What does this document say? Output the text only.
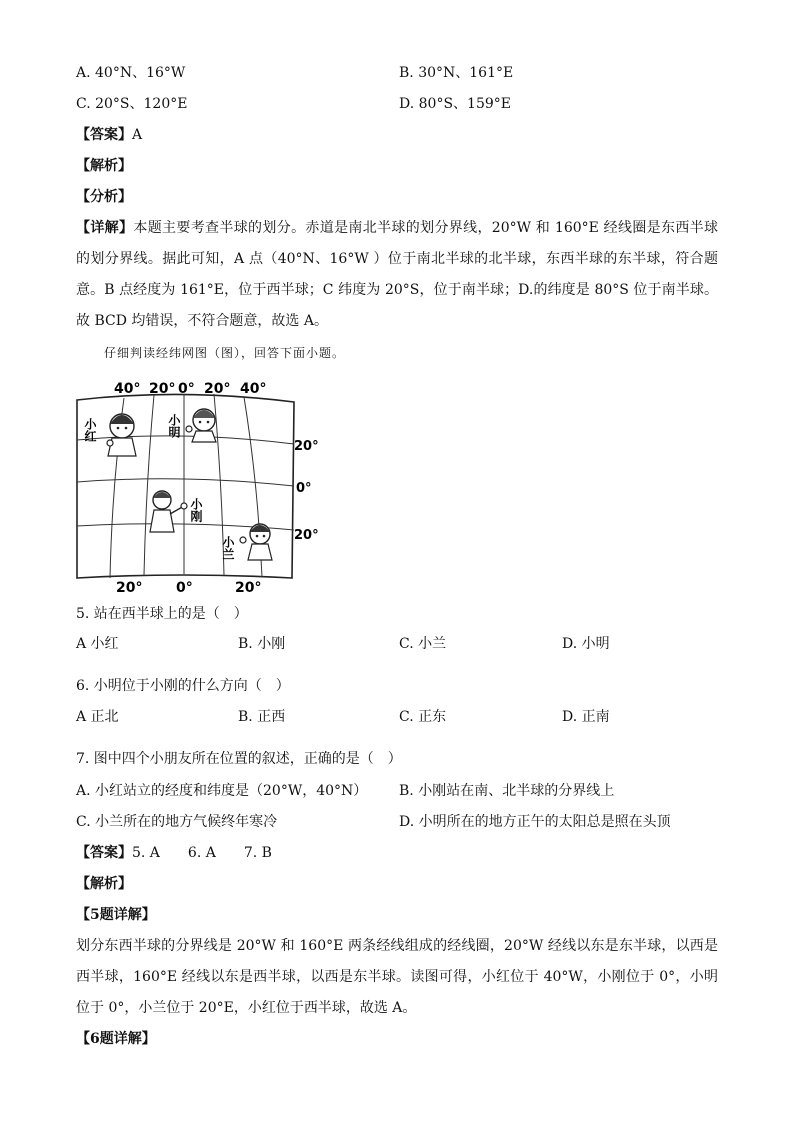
A. 40°N、16°W	B. 30°N、161°E
C. 20°S、120°E	D. 80°S、159°E
【答案】A
【解析】
【分析】
【详解】本题主要考查半球的划分。赤道是南北半球的划分界线，20°W 和 160°E 经线圈是东西半球的划分界线。据此可知，A 点（40°N、16°W ）位于南北半球的北半球，东西半球的东半球，符合题意。B 点经度为 161°E，位于西半球；C 纬度为 20°S，位于南半球；D.的纬度是 80°S 位于南半球。故 BCD 均错误，不符合题意，故选 A。
仔细判读经纬网图（图），回答下面小题。
40° 20° 0° 20° 40°
20°
0°
20°
20° 0°	20°
小红	小明
小刚
小兰
5. 站在西半球上的是（　）
A 小红	B. 小刚	C. 小兰	D. 小明
6. 小明位于小刚的什么方向（　）
A 正北	B. 正西	C. 正东	D. 正南
7. 图中四个小朋友所在位置的叙述，正确的是（　）
A. 小红站立的经度和纬度是（20°W，40°N） B. 小刚站在南、北半球的分界线上
C. 小兰所在的地方气候终年寒冷	D. 小明所在的地方正午的太阳总是照在头顶
【答案】5. A　　6. A　　7. B
【解析】
【5题详解】
划分东西半球的分界线是 20°W 和 160°E 两条经线组成的经线圈，20°W 经线以东是东半球，以西是西半球，160°E 经线以东是西半球，以西是东半球。读图可得，小红位于 40°W，小刚位于 0°，小明位于 0°，小兰位于 20°E，小红位于西半球，故选 A。
【6题详解】
